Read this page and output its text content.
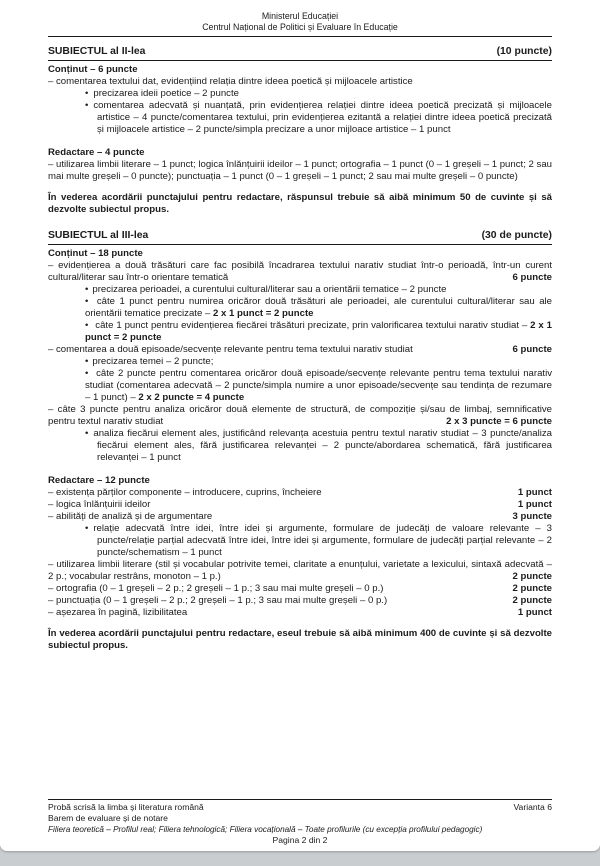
Ministerul Educației
Centrul Național de Politici și Evaluare în Educație
SUBIECTUL al II-lea	(10 puncte)
Conținut – 6 puncte
– comentarea textului dat, evidențiind relația dintre ideea poetică și mijloacele artistice
• precizarea ideii poetice – 2 puncte
• comentarea adecvată și nuanțată, prin evidențierea relației dintre ideea poetică precizată și mijloacele artistice – 4 puncte/comentarea textului, prin evidențierea ezitantă a relației dintre ideea poetică precizată și mijloacele artistice – 2 puncte/simpla precizare a unor mijloace artistice – 1 punct
Redactare – 4 puncte
– utilizarea limbii literare – 1 punct; logica înlănțuirii ideilor – 1 punct; ortografia – 1 punct (0 – 1 greșeli – 1 punct; 2 sau mai multe greșeli – 0 puncte); punctuația – 1 punct (0 – 1 greșeli – 1 punct; 2 sau mai multe greșeli – 0 puncte)
În vederea acordării punctajului pentru redactare, răspunsul trebuie să aibă minimum 50 de cuvinte și să dezvolte subiectul propus.
SUBIECTUL al III-lea	(30 de puncte)
Conținut – 18 puncte
– evidențierea a două trăsături care fac posibilă încadrarea textului narativ studiat într-o perioadă, într-un curent cultural/literar sau într-o orientare tematică	6 puncte
• precizarea perioadei, a curentului cultural/literar sau a orientării tematice – 2 puncte
• câte 1 punct pentru numirea oricăror două trăsături ale perioadei, ale curentului cultural/literar sau ale orientării tematice precizate – 2 x 1 punct = 2 puncte
• câte 1 punct pentru evidențierea fiecărei trăsături precizate, prin valorificarea textului narativ studiat – 2 x 1 punct = 2 puncte
– comentarea a două episoade/secvențe relevante pentru tema textului narativ studiat	6 puncte
• precizarea temei – 2 puncte;
• câte 2 puncte pentru comentarea oricăror două episoade/secvențe relevante pentru tema textului narativ studiat (comentarea adecvată – 2 puncte/simpla numire a unor episoade/secvențe sau tendința de rezumare – 1 punct) – 2 x 2 puncte = 4 puncte
– câte 3 puncte pentru analiza oricăror două elemente de structură, de compoziție și/sau de limbaj, semnificative pentru textul narativ studiat	2 x 3 puncte = 6 puncte
• analiza fiecărui element ales, justificând relevanța acestuia pentru textul narativ studiat – 3 puncte/analiza fiecărui element ales, fără justificarea relevanței – 2 puncte/abordarea schematică, fără justificarea relevanței – 1 punct
Redactare – 12 puncte
– existența părților componente – introducere, cuprins, încheiere	1 punct
– logica înlănțuirii ideilor	1 punct
– abilități de analiză și de argumentare	3 puncte
• relație adecvată între idei, între idei și argumente, formulare de judecăți de valoare relevante – 3 puncte/relație parțial adecvată între idei, între idei și argumente, formulare de judecăți parțial relevante – 2 puncte/schematism – 1 punct
– utilizarea limbii literare (stil și vocabular potrivite temei, claritate a enunțului, varietate a lexicului, sintaxă adecvată – 2 p.; vocabular restrâns, monoton – 1 p.)	2 puncte
– ortografia (0 – 1 greșeli – 2 p.; 2 greșeli – 1 p.; 3 sau mai multe greșeli – 0 p.)	2 puncte
– punctuația (0 – 1 greșeli – 2 p.; 2 greșeli – 1 p.; 3 sau mai multe greșeli – 0 p.)	2 puncte
– așezarea în pagină, lizibilitatea	1 punct
În vederea acordării punctajului pentru redactare, eseul trebuie să aibă minimum 400 de cuvinte și să dezvolte subiectul propus.
Probă scrisă la limba și literatura română	Varianta 6
Barem de evaluare și de notare
Filiera teoretică – Profilul real; Filiera tehnologică; Filiera vocațională – Toate profilurile (cu excepția profilului pedagogic)
Pagina 2 din 2
